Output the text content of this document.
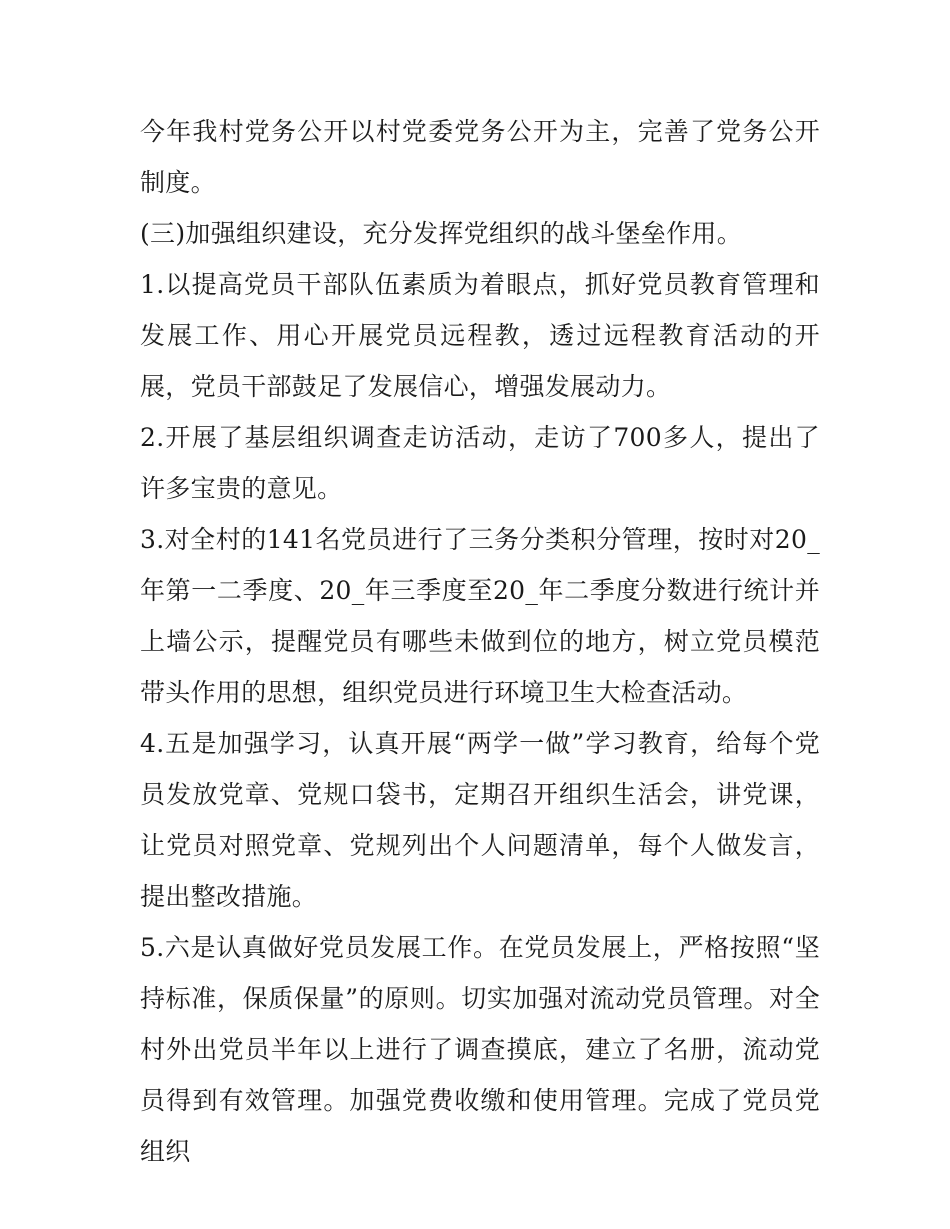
今年我村党务公开以村党委党务公开为主，完善了党务公开制度。

(三)加强组织建设，充分发挥党组织的战斗堡垒作用。

1.以提高党员干部队伍素质为着眼点，抓好党员教育管理和发展工作、用心开展党员远程教，透过远程教育活动的开展，党员干部鼓足了发展信心，增强发展动力。

2.开展了基层组织调查走访活动，走访了700多人，提出了许多宝贵的意见。

3.对全村的141名党员进行了三务分类积分管理，按时对20_年第一二季度、20_年三季度至20_年二季度分数进行统计并上墙公示，提醒党员有哪些未做到位的地方，树立党员模范带头作用的思想，组织党员进行环境卫生大检查活动。

4.五是加强学习，认真开展“两学一做”学习教育，给每个党员发放党章、党规口袋书，定期召开组织生活会，讲党课，让党员对照党章、党规列出个人问题清单，每个人做发言，提出整改措施。

5.六是认真做好党员发展工作。在党员发展上，严格按照“坚持标准，保质保量”的原则。切实加强对流动党员管理。对全村外出党员半年以上进行了调查摸底，建立了名册，流动党员得到有效管理。加强党费收缴和使用管理。完成了党员党组织
